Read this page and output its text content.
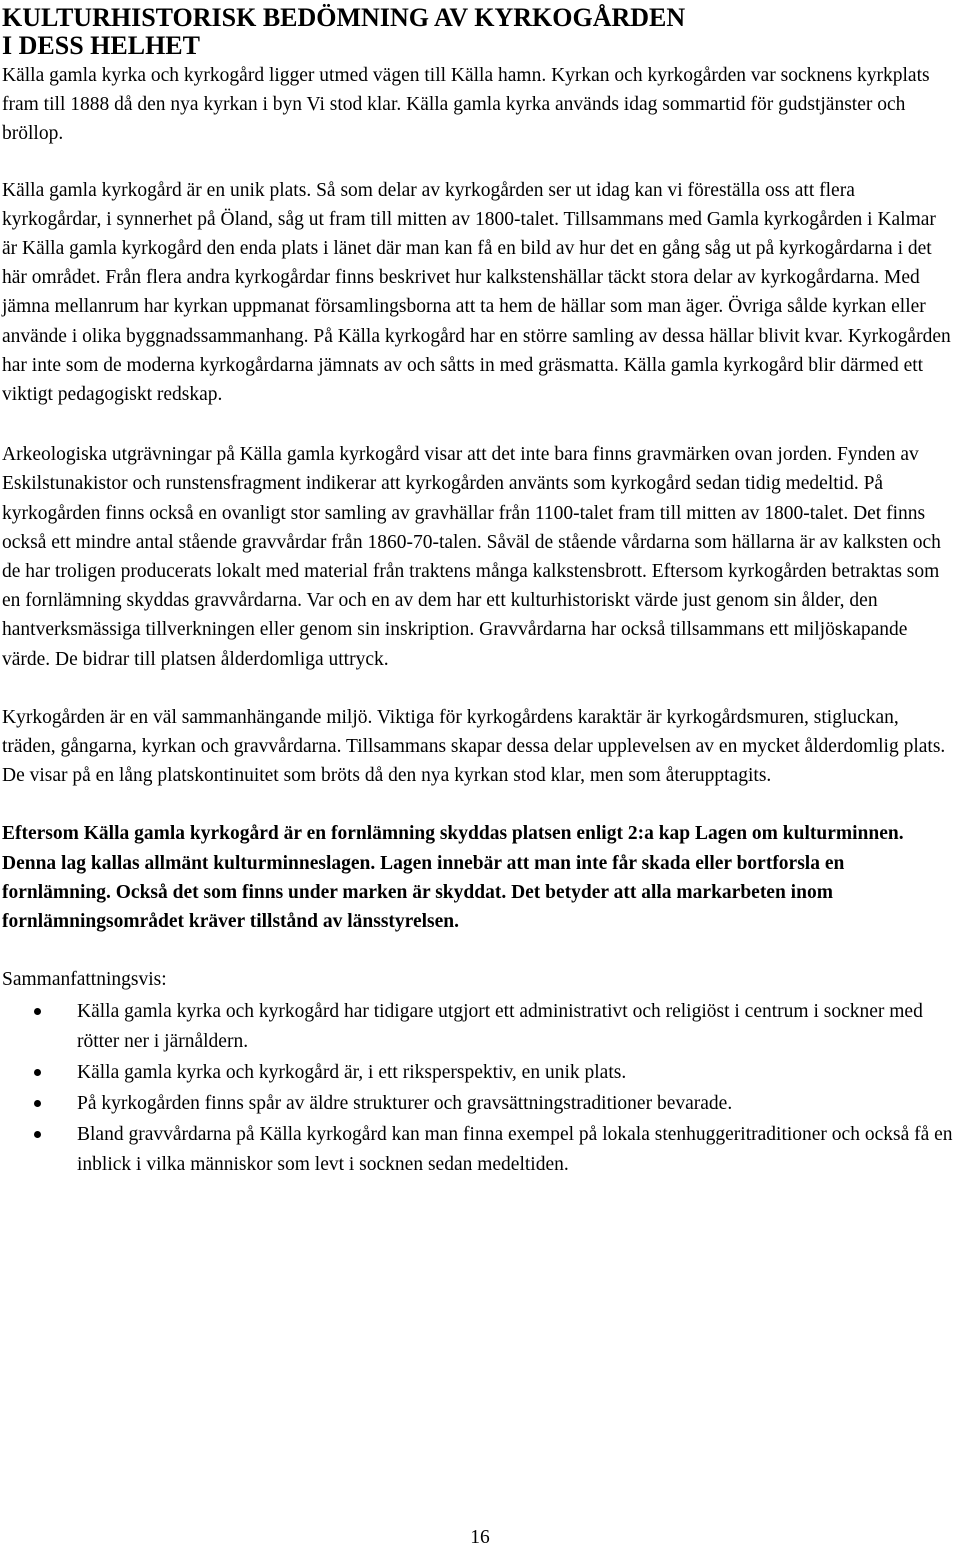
KULTURHISTORISK BEDÖMNING AV KYRKOGÅRDEN
I DESS HELHET

Källa gamla kyrka och kyrkogård ligger utmed vägen till Källa hamn. Kyrkan och kyrkogården var socknens kyrkplats fram till 1888 då den nya kyrkan i byn Vi stod klar. Källa gamla kyrka används idag sommartid för gudstjänster och bröllop.

Källa gamla kyrkogård är en unik plats. Så som delar av kyrkogården ser ut idag kan vi föreställa oss att flera kyrkogårdar, i synnerhet på Öland, såg ut fram till mitten av 1800-talet. Tillsammans med Gamla kyrkogården i Kalmar är Källa gamla kyrkogård den enda plats i länet där man kan få en bild av hur det en gång såg ut på kyrkogårdarna i det här området. Från flera andra kyrkogårdar finns beskrivet hur kalkstenshällar täckt stora delar av kyrkogårdarna. Med jämna mellanrum har kyrkan uppmanat församlingsborna att ta hem de hällar som man äger. Övriga sålde kyrkan eller använde i olika byggnadssammanhang. På Källa kyrkogård har en större samling av dessa hällar blivit kvar. Kyrkogården har inte som de moderna kyrkogårdarna jämnats av och såtts in med gräsmatta. Källa gamla kyrkogård blir därmed ett viktigt pedagogiskt redskap.

Arkeologiska utgrävningar på Källa gamla kyrkogård visar att det inte bara finns gravmärken ovan jorden. Fynden av Eskilstunakistor och runstensfragment indikerar att kyrkogården använts som kyrkogård sedan tidig medeltid. På kyrkogården finns också en ovanligt stor samling av gravhällar från 1100-talet fram till mitten av 1800-talet. Det finns också ett mindre antal stående gravvårdar från 1860-70-talen. Såväl de stående vårdarna som hällarna är av kalksten och de har troligen producerats lokalt med material från traktens många kalkstensbrott. Eftersom kyrkogården betraktas som en fornlämning skyddas gravvårdarna. Var och en av dem har ett kulturhistoriskt värde just genom sin ålder, den hantverksmässiga tillverkningen eller genom sin inskription. Gravvårdarna har också tillsammans ett miljöskapande värde. De bidrar till platsen ålderdomliga uttryck.

Kyrkogården är en väl sammanhängande miljö. Viktiga för kyrkogårdens karaktär är kyrkogårdsmuren, stigluckan, träden, gångarna, kyrkan och gravvårdarna. Tillsammans skapar dessa delar upplevelsen av en mycket ålderdomlig plats. De visar på en lång platskontinuitet som bröts då den nya kyrkan stod klar, men som återupptagits.

Eftersom Källa gamla kyrkogård är en fornlämning skyddas platsen enligt 2:a kap Lagen om kulturminnen. Denna lag kallas allmänt kulturminneslagen. Lagen innebär att man inte får skada eller bortforsla en fornlämning. Också det som finns under marken är skyddat. Det betyder att alla markarbeten inom fornlämningsområdet kräver tillstånd av länsstyrelsen.

Sammanfattningsvis:

Källa gamla kyrka och kyrkogård har tidigare utgjort ett administrativt och religiöst i centrum i sockner med rötter ner i järnåldern.
Källa gamla kyrka och kyrkogård är, i ett riksperspektiv, en unik plats.
På kyrkogården finns spår av äldre strukturer och gravsättningstraditioner bevarade.
Bland gravvårdarna på Källa kyrkogård kan man finna exempel på lokala stenhuggeritraditioner och också få en inblick i vilka människor som levt i socknen sedan medeltiden.
16
